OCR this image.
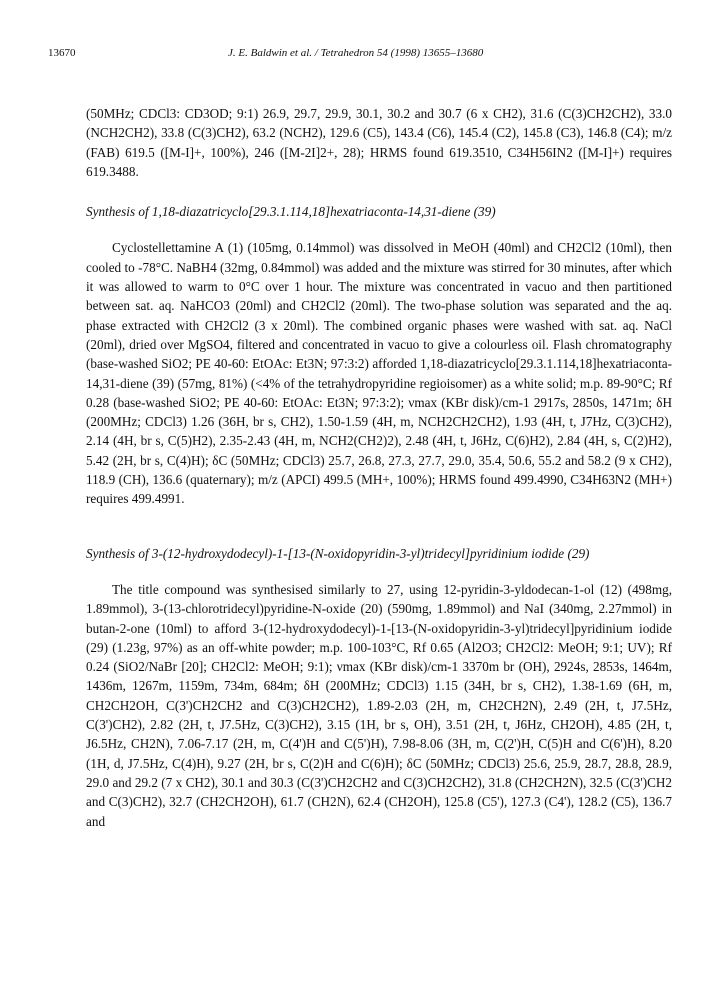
13670	J. E. Baldwin et al. / Tetrahedron 54 (1998) 13655–13680

(50MHz; CDCl3: CD3OD; 9:1) 26.9, 29.7, 29.9, 30.1, 30.2 and 30.7 (6 x CH2), 31.6 (C(3)CH2CH2), 33.0 (NCH2CH2), 33.8 (C(3)CH2), 63.2 (NCH2), 129.6 (C5), 143.4 (C6), 145.4 (C2), 145.8 (C3), 146.8 (C4); m/z (FAB) 619.5 ([M-I]+, 100%), 246 ([M-2I]2+, 28); HRMS found 619.3510, C34H56IN2 ([M-I]+) requires 619.3488.

Synthesis of 1,18-diazatricyclo[29.3.1.114,18]hexatriaconta-14,31-diene (39)

Cyclostellettamine A (1) (105mg, 0.14mmol) was dissolved in MeOH (40ml) and CH2Cl2 (10ml), then cooled to -78°C. NaBH4 (32mg, 0.84mmol) was added and the mixture was stirred for 30 minutes, after which it was allowed to warm to 0°C over 1 hour. The mixture was concentrated in vacuo and then partitioned between sat. aq. NaHCO3 (20ml) and CH2Cl2 (20ml). The two-phase solution was separated and the aq. phase extracted with CH2Cl2 (3 x 20ml). The combined organic phases were washed with sat. aq. NaCl (20ml), dried over MgSO4, filtered and concentrated in vacuo to give a colourless oil. Flash chromatography (base-washed SiO2; PE 40-60: EtOAc: Et3N; 97:3:2) afforded 1,18-diazatricyclo[29.3.1.114,18]hexatriaconta-14,31-diene (39) (57mg, 81%) (<4% of the tetrahydropyridine regioisomer) as a white solid; m.p. 89-90°C; Rf 0.28 (base-washed SiO2; PE 40-60: EtOAc: Et3N; 97:3:2); νmax (KBr disk)/cm-1 2917s, 2850s, 1471m; δH (200MHz; CDCl3) 1.26 (36H, br s, CH2), 1.50-1.59 (4H, m, NCH2CH2CH2), 1.93 (4H, t, J7Hz, C(3)CH2), 2.14 (4H, br s, C(5)H2), 2.35-2.43 (4H, m, NCH2(CH2)2), 2.48 (4H, t, J6Hz, C(6)H2), 2.84 (4H, s, C(2)H2), 5.42 (2H, br s, C(4)H); δC (50MHz; CDCl3) 25.7, 26.8, 27.3, 27.7, 29.0, 35.4, 50.6, 55.2 and 58.2 (9 x CH2), 118.9 (CH), 136.6 (quaternary); m/z (APCI) 499.5 (MH+, 100%); HRMS found 499.4990, C34H63N2 (MH+) requires 499.4991.

Synthesis of 3-(12-hydroxydodecyl)-1-[13-(N-oxidopyridin-3-yl)tridecyl]pyridinium iodide (29)

The title compound was synthesised similarly to 27, using 12-pyridin-3-yldodecan-1-ol (12) (498mg, 1.89mmol), 3-(13-chlorotridecyl)pyridine-N-oxide (20) (590mg, 1.89mmol) and NaI (340mg, 2.27mmol) in butan-2-one (10ml) to afford 3-(12-hydroxydodecyl)-1-[13-(N-oxidopyridin-3-yl)tridecyl]pyridinium iodide (29) (1.23g, 97%) as an off-white powder; m.p. 100-103°C, Rf 0.65 (Al2O3; CH2Cl2: MeOH; 9:1; UV); Rf 0.24 (SiO2/NaBr [20]; CH2Cl2: MeOH; 9:1); νmax (KBr disk)/cm-1 3370m br (OH), 2924s, 2853s, 1464m, 1436m, 1267m, 1159m, 734m, 684m; δH (200MHz; CDCl3) 1.15 (34H, br s, CH2), 1.38-1.69 (6H, m, CH2CH2OH, C(3')CH2CH2 and C(3)CH2CH2), 1.89-2.03 (2H, m, CH2CH2N), 2.49 (2H, t, J7.5Hz, C(3')CH2), 2.82 (2H, t, J7.5Hz, C(3)CH2), 3.15 (1H, br s, OH), 3.51 (2H, t, J6Hz, CH2OH), 4.85 (2H, t, J6.5Hz, CH2N), 7.06-7.17 (2H, m, C(4')H and C(5')H), 7.98-8.06 (3H, m, C(2')H, C(5)H and C(6')H), 8.20 (1H, d, J7.5Hz, C(4)H), 9.27 (2H, br s, C(2)H and C(6)H); δC (50MHz; CDCl3) 25.6, 25.9, 28.7, 28.8, 28.9, 29.0 and 29.2 (7 x CH2), 30.1 and 30.3 (C(3')CH2CH2 and C(3)CH2CH2), 31.8 (CH2CH2N), 32.5 (C(3')CH2 and C(3)CH2), 32.7 (CH2CH2OH), 61.7 (CH2N), 62.4 (CH2OH), 125.8 (C5'), 127.3 (C4'), 128.2 (C5), 136.7 and
